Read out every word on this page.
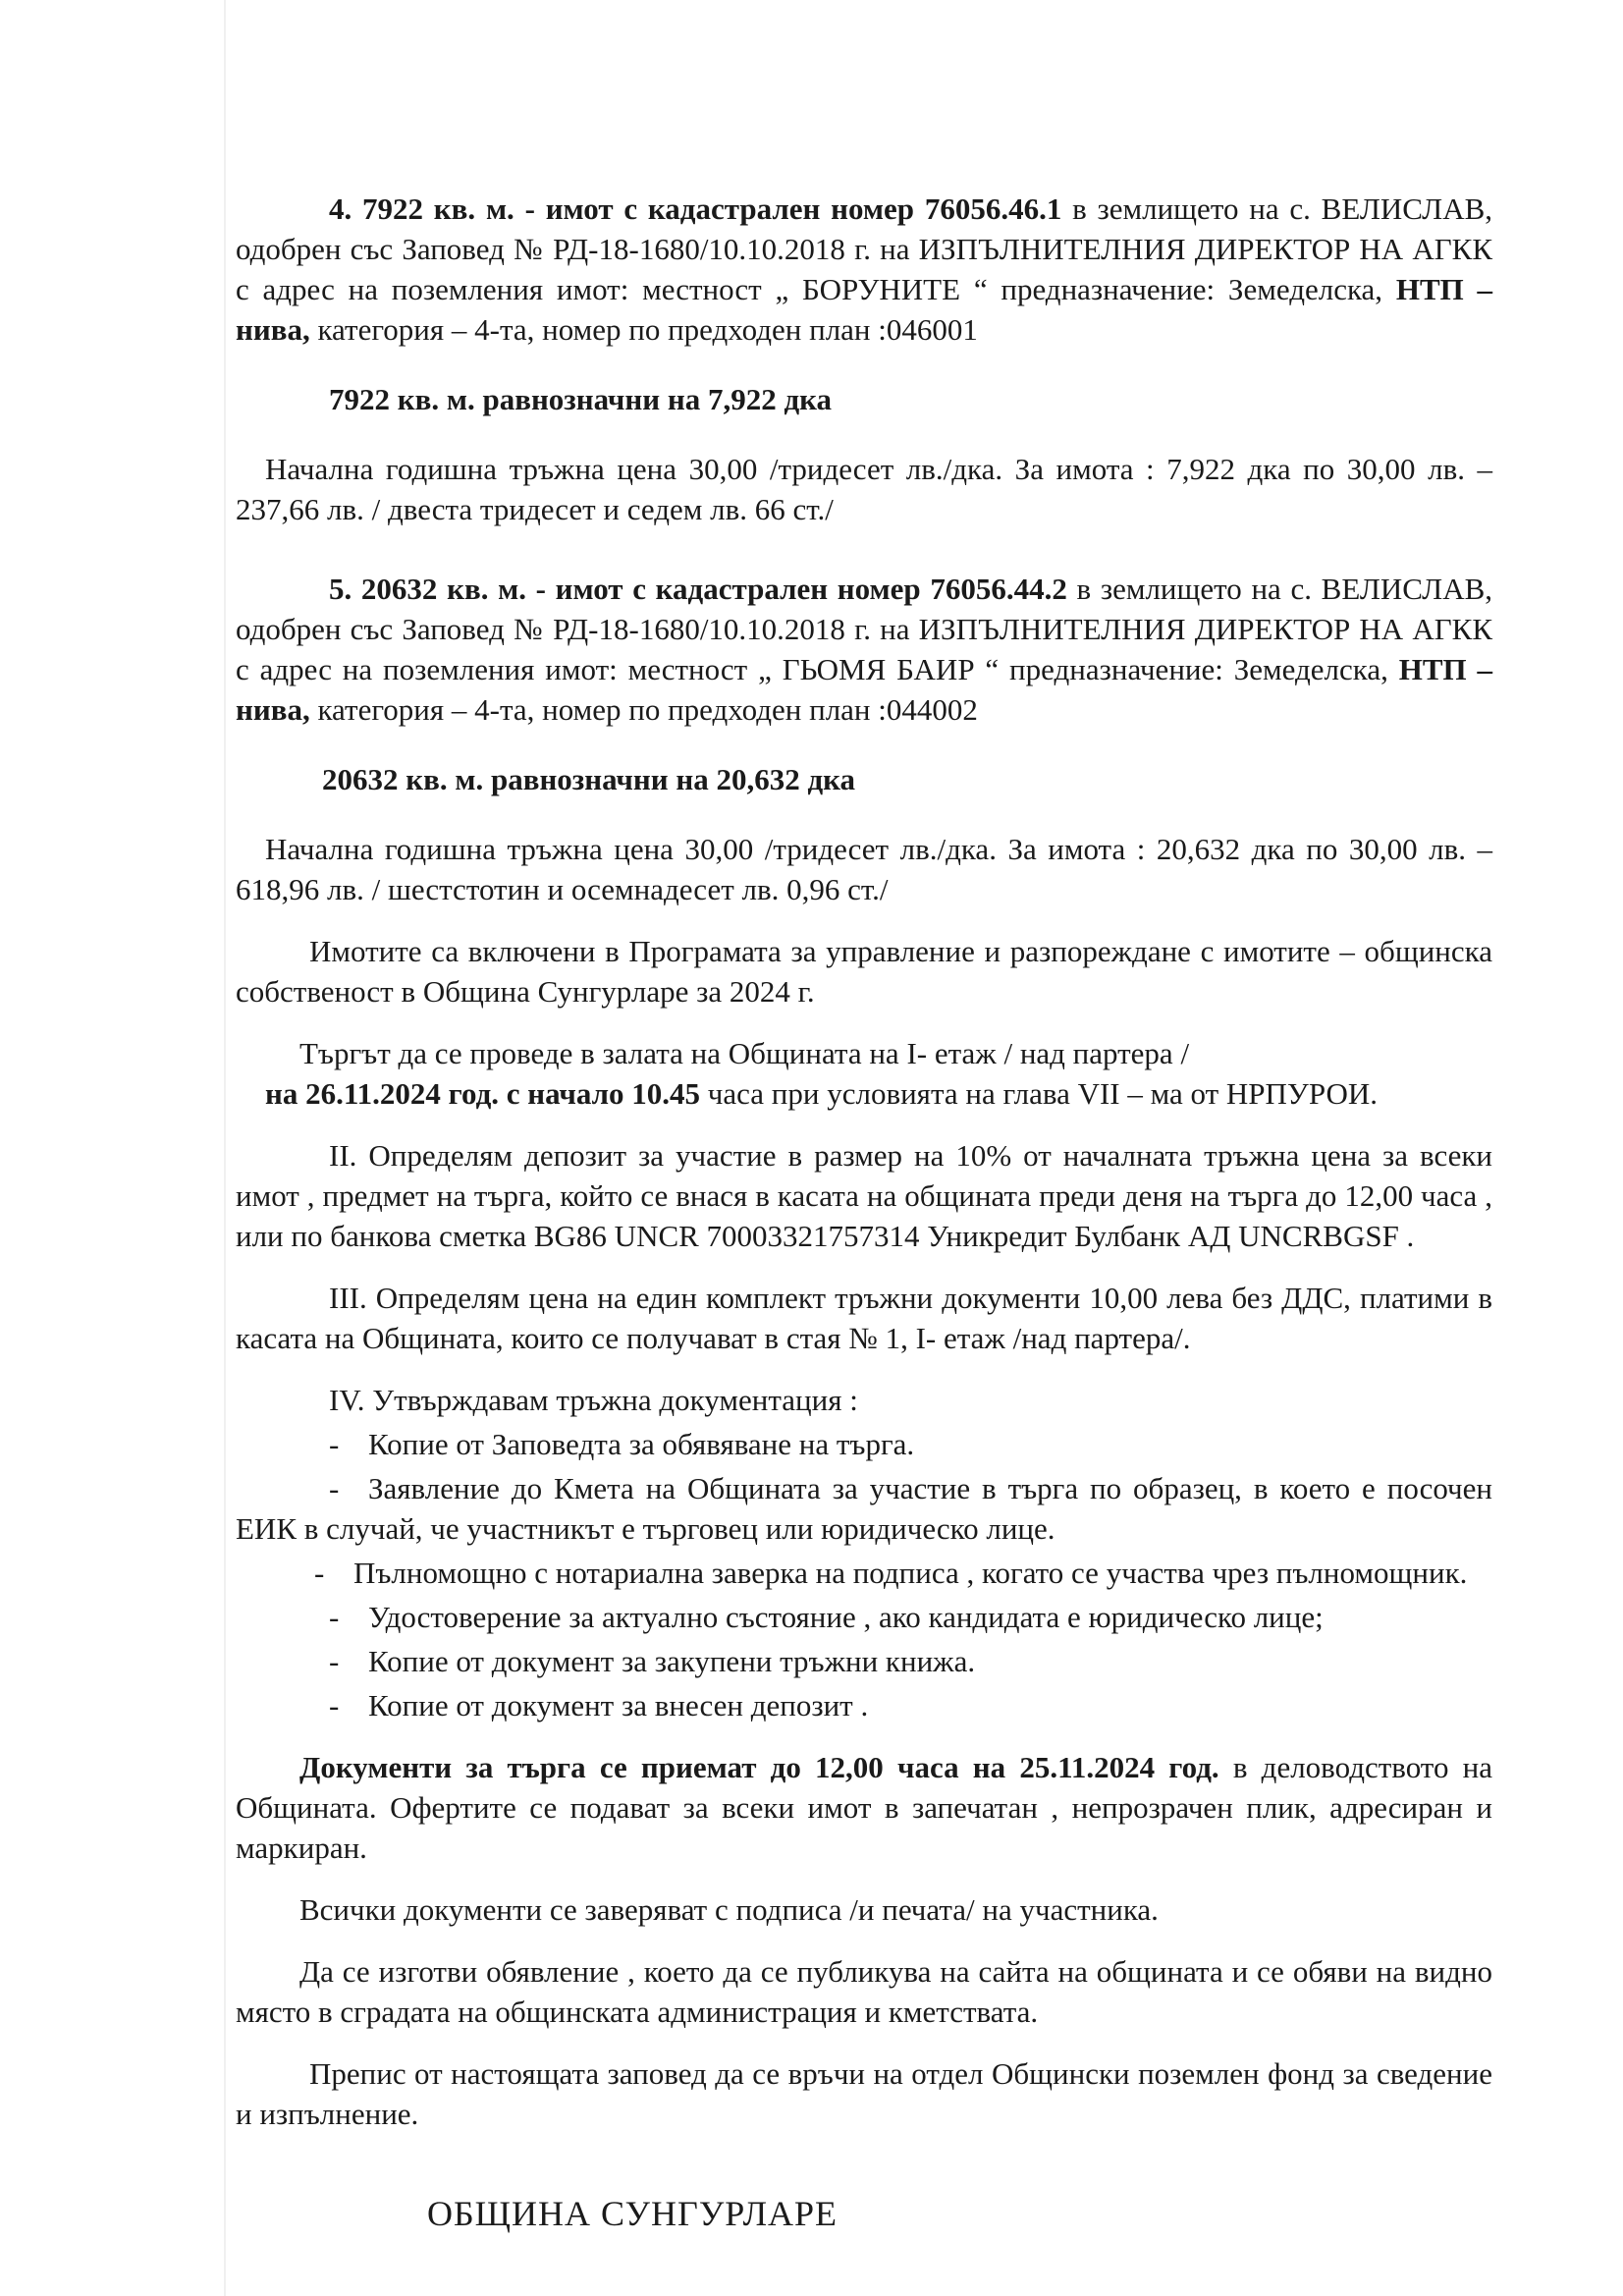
4. 7922 кв. м. - имот с кадастрален номер 76056.46.1 в землището на с. ВЕЛИСЛАВ, одобрен със Заповед № РД-18-1680/10.10.2018 г. на ИЗПЪЛНИТЕЛНИЯ ДИРЕКТОР НА АГКК с адрес на поземления имот: местност „ БОРУНИТЕ “ предназначение: Земеделска, НТП – нива, категория – 4-та, номер по предходен план :046001

7922 кв. м. равнозначни на 7,922 дка

Начална годишна тръжна цена 30,00 /тридесет лв./дка. За имота : 7,922 дка по 30,00 лв. – 237,66 лв. / двеста тридесет и седем лв. 66 ст./

5. 20632 кв. м. - имот с кадастрален номер 76056.44.2 в землището на с. ВЕЛИСЛАВ, одобрен със Заповед № РД-18-1680/10.10.2018 г. на ИЗПЪЛНИТЕЛНИЯ ДИРЕКТОР НА АГКК с адрес на поземления имот: местност „ ГЬОМЯ БАИР “ предназначение: Земеделска, НТП – нива, категория – 4-та, номер по предходен план :044002

20632 кв. м. равнозначни на 20,632 дка

Начална годишна тръжна цена 30,00 /тридесет лв./дка. За имота : 20,632 дка по 30,00 лв. – 618,96 лв. / шестстотин и осемнадесет лв. 0,96 ст./

Имотите са включени в Програмата за управление и разпореждане с имотите – общинска собственост в Община Сунгурларе за 2024 г.

Търгът да се проведе в залата на Общината на I- етаж / над партера /

на 26.11.2024 год. с начало 10.45 часа при условията на глава VII – ма от НРПУРОИ.

II. Определям депозит за участие в размер на 10% от началната тръжна цена за всеки имот , предмет на търга, който се внася в касата на общината преди деня на търга до 12,00 часа , или по банкова сметка BG86 UNCR 70003321757314 Уникредит Булбанк АД UNCRBGSF .

III. Определям цена на един комплект тръжни документи 10,00 лева без ДДС, платими в касата на Общината, които се получават в стая № 1, I- етаж /над партера/.

IV. Утвърждавам тръжна документация :

- Копие от Заповедта за обявяване на търга.

- Заявление до Кмета на Общината за участие в търга по образец, в което е посочен ЕИК в случай, че участникът е търговец или юридическо лице.

- Пълномощно с нотариална заверка на подписа , когато се участва чрез пълномощник.

- Удостоверение за актуално състояние , ако кандидата е юридическо лице;

- Копие от документ за закупени тръжни книжа.

- Копие от документ за внесен депозит .

Документи за търга се приемат до 12,00 часа на 25.11.2024 год. в деловодството на Общината. Офертите се подават за всеки имот в запечатан , непрозрачен плик, адресиран и маркиран.

Всички документи се заверяват с подписа /и печата/ на участника.

Да се изготви обявление , което да се публикува на сайта на общината и се обяви на видно място в сградата на общинската администрация и кметствата.

Препис от настоящата заповед да се връчи на отдел Общински поземлен фонд за сведение и изпълнение.

ОБЩИНА СУНГУРЛАРЕ
